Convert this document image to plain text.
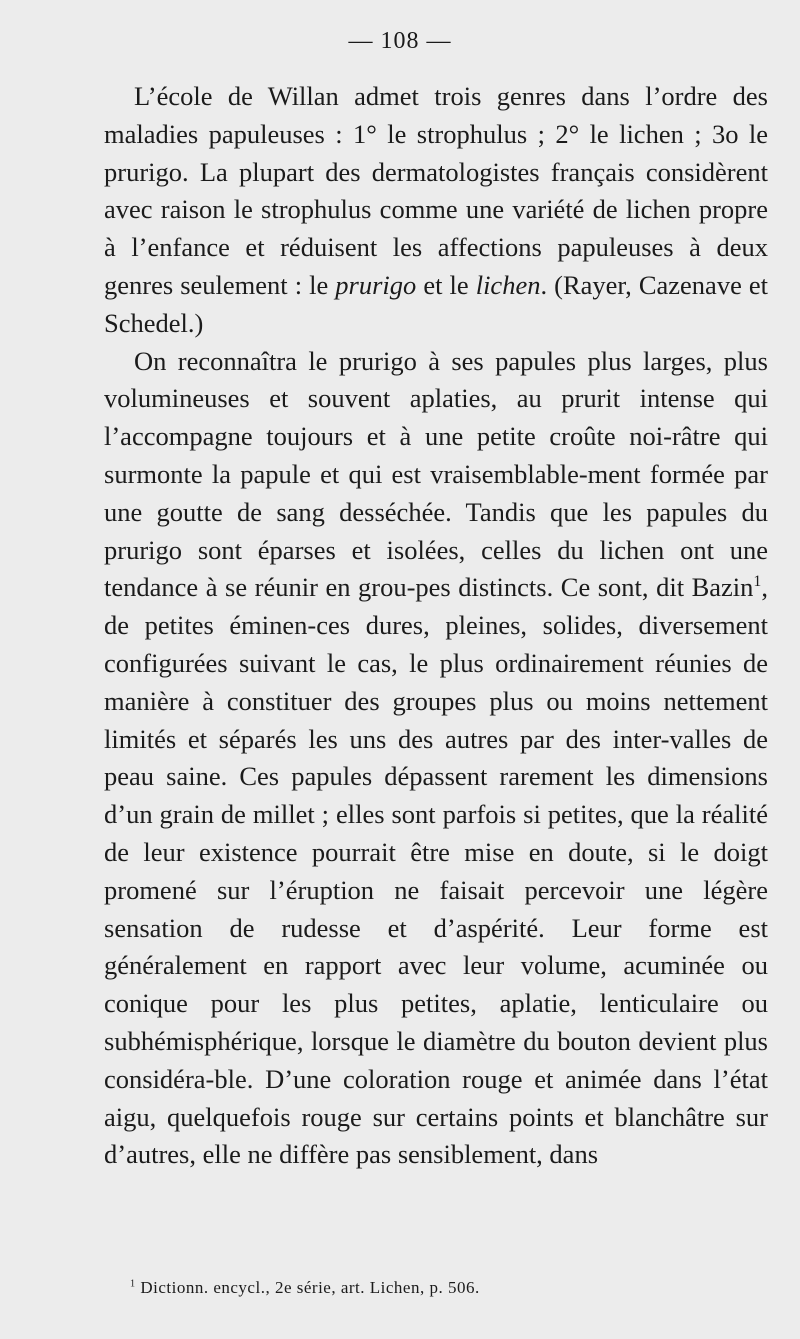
— 108 —

L’école de Willan admet trois genres dans l’ordre des maladies papuleuses : 1° le strophulus ; 2° le lichen ; 3o le prurigo. La plupart des dermatologistes français considèrent avec raison le strophulus comme une variété de lichen propre à l’enfance et réduisent les affections papuleuses à deux genres seulement : le prurigo et le lichen. (Rayer, Cazenave et Schedel.)

On reconnaîtra le prurigo à ses papules plus larges, plus volumineuses et souvent aplaties, au prurit intense qui l’accompagne toujours et à une petite croûte noi-râtre qui surmonte la papule et qui est vraisemblable-ment formée par une goutte de sang desséchée. Tandis que les papules du prurigo sont éparses et isolées, celles du lichen ont une tendance à se réunir en grou-pes distincts. Ce sont, dit Bazin$^1$, de petites éminen-ces dures, pleines, solides, diversement configurées suivant le cas, le plus ordinairement réunies de manière à constituer des groupes plus ou moins nettement limités et séparés les uns des autres par des inter-valles de peau saine. Ces papules dépassent rarement les dimensions d’un grain de millet ; elles sont parfois si petites, que la réalité de leur existence pourrait être mise en doute, si le doigt promené sur l’éruption ne faisait percevoir une légère sensation de rudesse et d’aspérité. Leur forme est généralement en rapport avec leur volume, acuminée ou conique pour les plus petites, aplatie, lenticulaire ou subhémisphérique, lorsque le diamètre du bouton devient plus considéra-ble. D’une coloration rouge et animée dans l’état aigu, quelquefois rouge sur certains points et blanchâtre sur d’autres, elle ne diffère pas sensiblement, dans

$^1$ Dictionn. encycl., 2e série, art. Lichen, p. 506.
